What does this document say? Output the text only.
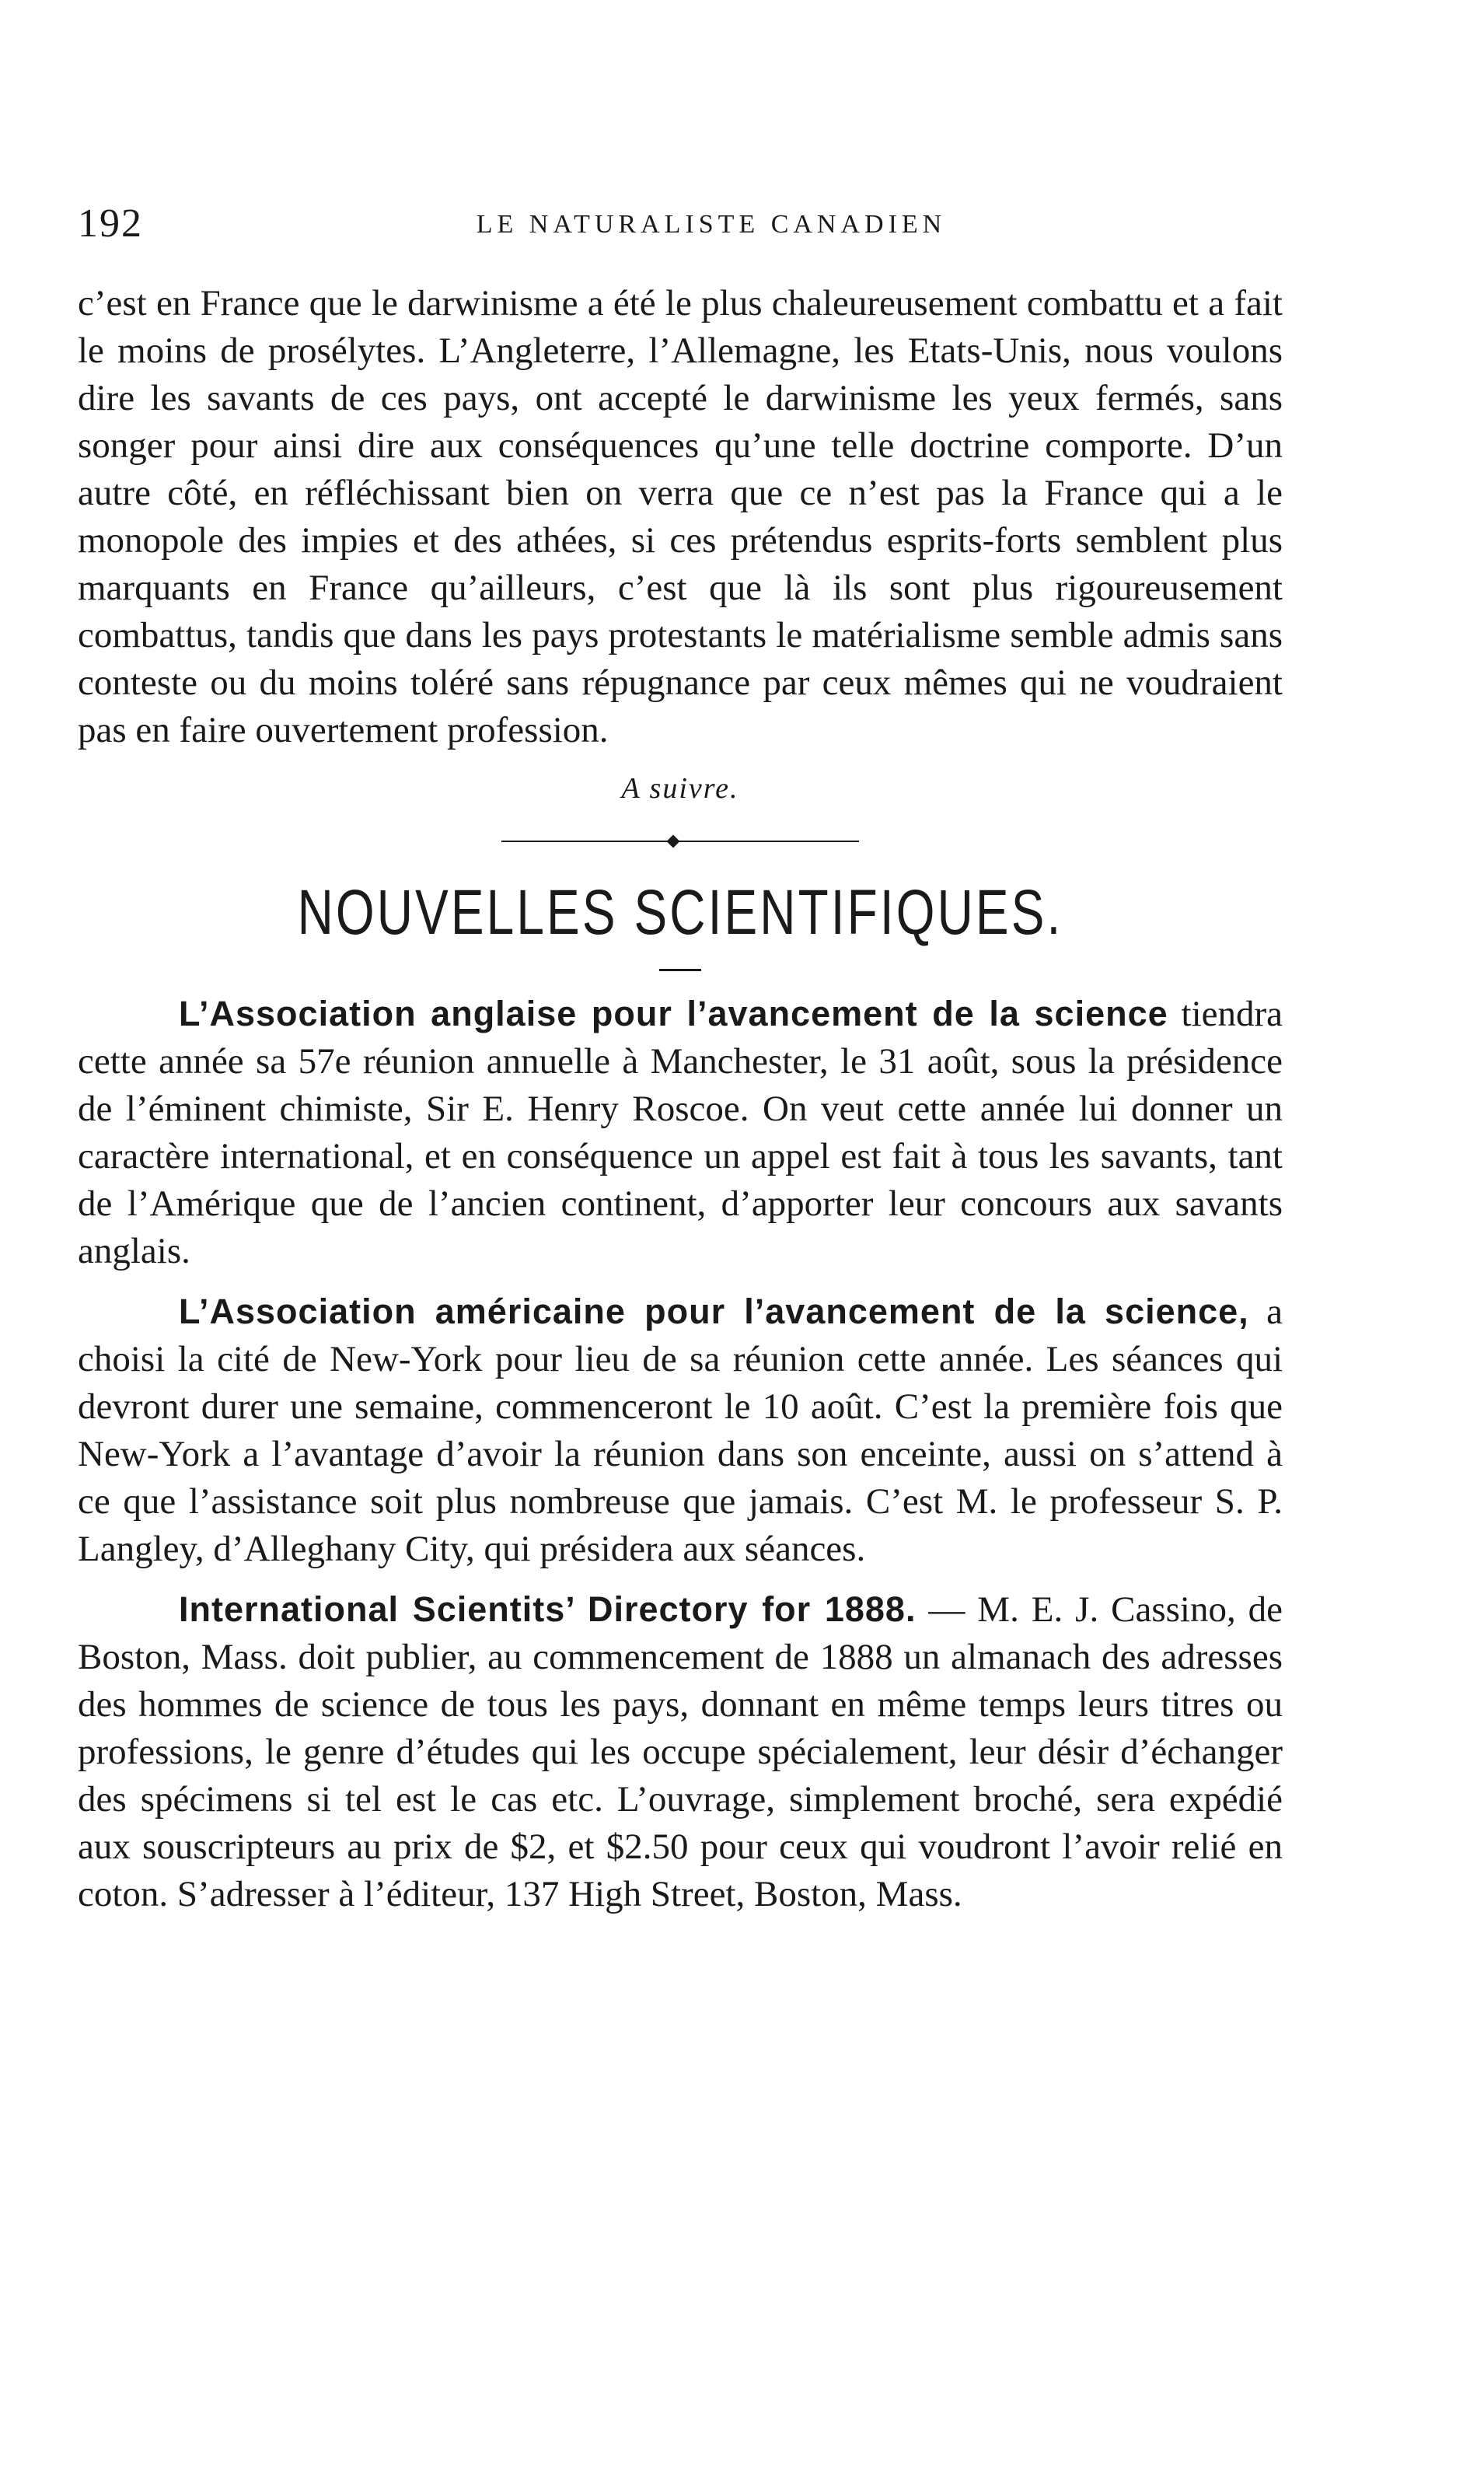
192	LE NATURALISTE CANADIEN

c’est en France que le darwinisme a été le plus chaleureusement combattu et a fait le moins de prosélytes. L’Angleterre, l’Allemagne, les Etats-Unis, nous voulons dire les savants de ces pays, ont accepté le darwinisme les yeux fermés, sans songer pour ainsi dire aux conséquences qu’une telle doctrine comporte. D’un autre côté, en réfléchissant bien on verra que ce n’est pas la France qui a le monopole des impies et des athées, si ces prétendus esprits-forts semblent plus marquants en France qu’ailleurs, c’est que là ils sont plus rigoureusement combattus, tandis que dans les pays protestants le matérialisme semble admis sans conteste ou du moins toléré sans répugnance par ceux mêmes qui ne voudraient pas en faire ouvertement profession.

A suivre.
NOUVELLES SCIENTIFIQUES.

L’Association anglaise pour l’avancement de la science tiendra cette année sa 57e réunion annuelle à Manchester, le 31 août, sous la présidence de l’éminent chimiste, Sir E. Henry Roscoe. On veut cette année lui donner un caractère international, et en conséquence un appel est fait à tous les savants, tant de l’Amérique que de l’ancien continent, d’apporter leur concours aux savants anglais.

L’Association américaine pour l’avancement de la science, a choisi la cité de New-York pour lieu de sa réunion cette année. Les séances qui devront durer une semaine, commenceront le 10 août. C’est la première fois que New-York a l’avantage d’avoir la réunion dans son enceinte, aussi on s’attend à ce que l’assistance soit plus nombreuse que jamais. C’est M. le professeur S. P. Langley, d’Alleghany City, qui présidera aux séances.

International Scientits’ Directory for 1888. — M. E. J. Cassino, de Boston, Mass. doit publier, au commencement de 1888 un almanach des adresses des hommes de science de tous les pays, donnant en même temps leurs titres ou professions, le genre d’études qui les occupe spécialement, leur désir d’échanger des spécimens si tel est le cas etc. L’ouvrage, simplement broché, sera expédié aux souscripteurs au prix de $2, et $2.50 pour ceux qui voudront l’avoir relié en coton. S’adresser à l’éditeur, 137 High Street, Boston, Mass.
